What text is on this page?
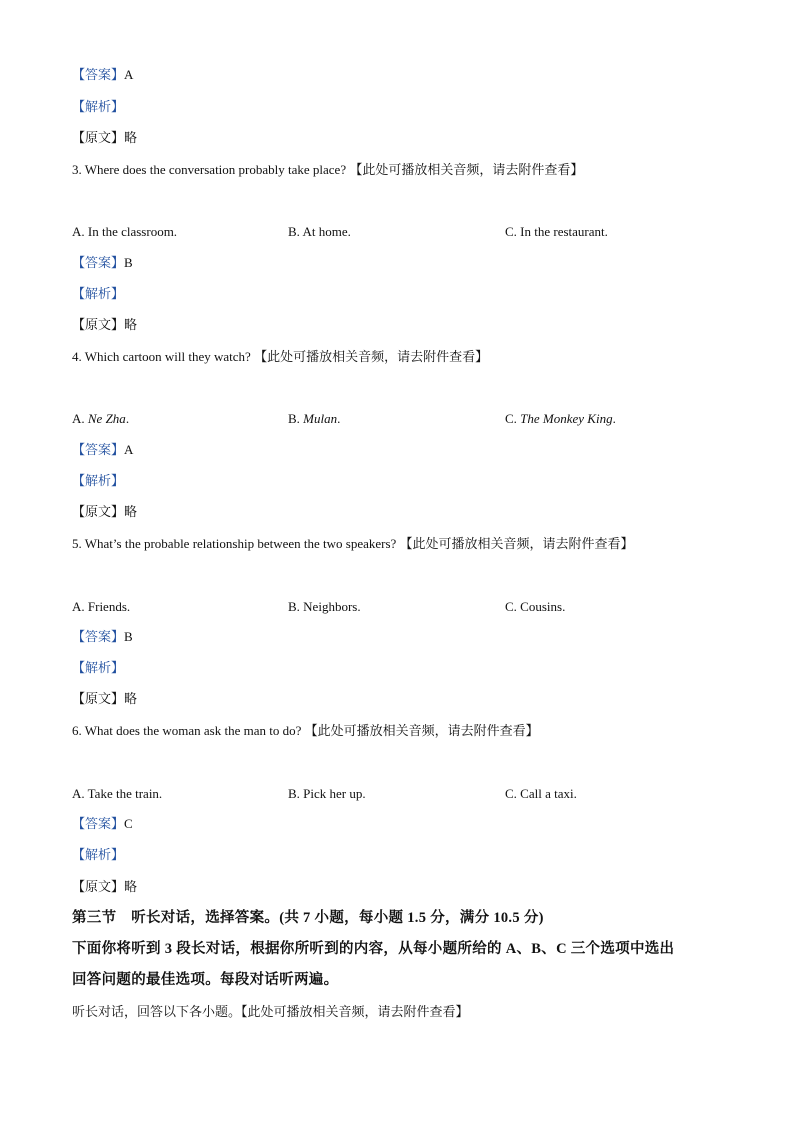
【答案】A
【解析】
【原文】略
3. Where does the conversation probably take place? 【此处可播放相关音频，请去附件查看】
A. In the classroom.	B. At home.	C. In the restaurant.
【答案】B
【解析】
【原文】略
4. Which cartoon will they watch? 【此处可播放相关音频，请去附件查看】
A. Ne Zha.	B. Mulan.	C. The Monkey King.
【答案】A
【解析】
【原文】略
5. What’s the probable relationship between the two speakers? 【此处可播放相关音频，请去附件查看】
A. Friends.	B. Neighbors.	C. Cousins.
【答案】B
【解析】
【原文】略
6. What does the woman ask the man to do? 【此处可播放相关音频，请去附件查看】
A. Take the train.	B. Pick her up.	C. Call a taxi.
【答案】C
【解析】
【原文】略
第三节　听长对话，选择答案。(共 7 小题，每小题 1.5 分，满分 10.5 分)
下面你将听到 3 段长对话，根据你所听到的内容，从每小题所给的 A、B、C 三个选项中选出
回答问题的最佳选项。每段对话听两遍。
听长对话，回答以下各小题。【此处可播放相关音频，请去附件查看】
